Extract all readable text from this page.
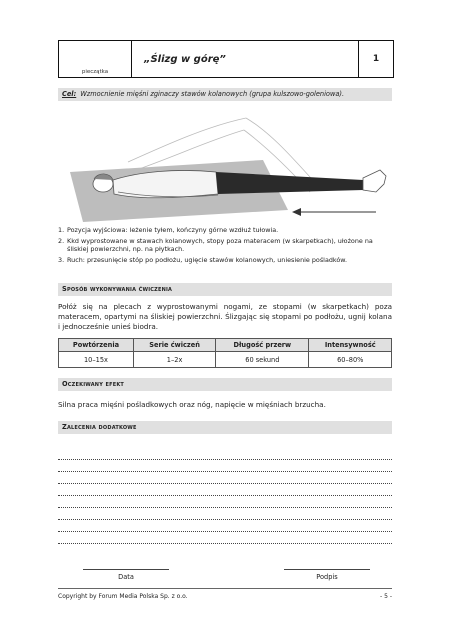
pieczątka
„Ślizg w górę”	1
Cel: Wzmocnienie mięśni zginaczy stawów kolanowych (grupa kulszowo-goleniowa).
1. Pozycja wyjściowa: leżenie tyłem, kończyny górne wzdłuż tułowia.
2. Kkd wyprostowane w stawach kolanowych, stopy poza materacem (w skarpetkach), ułożone na śliskiej powierzchni, np. na płytkach.
3. Ruch: przesunięcie stóp po podłożu, ugięcie stawów kolanowych, uniesienie pośladków.
Sposób wykonywania ćwiczenia
Połóż się na plecach z wyprostowanymi nogami, ze stopami (w skarpetkach) poza materacem, opartymi na śliskiej powierzchni. Ślizgając się stopami po podłożu, ugnij kolana i jednocześnie unieś biodra.
Powtórzenia	Serie ćwiczeń	Długość przerw	Intensywność
10–15x	1–2x	60 sekund	60–80%
Oczekiwany efekt
Silna praca mięśni pośladkowych oraz nóg, napięcie w mięśniach brzucha.
Zalecenia dodatkowe
Data	Podpis
Copyright by Forum Media Polska Sp. z o.o.	- 5 -
